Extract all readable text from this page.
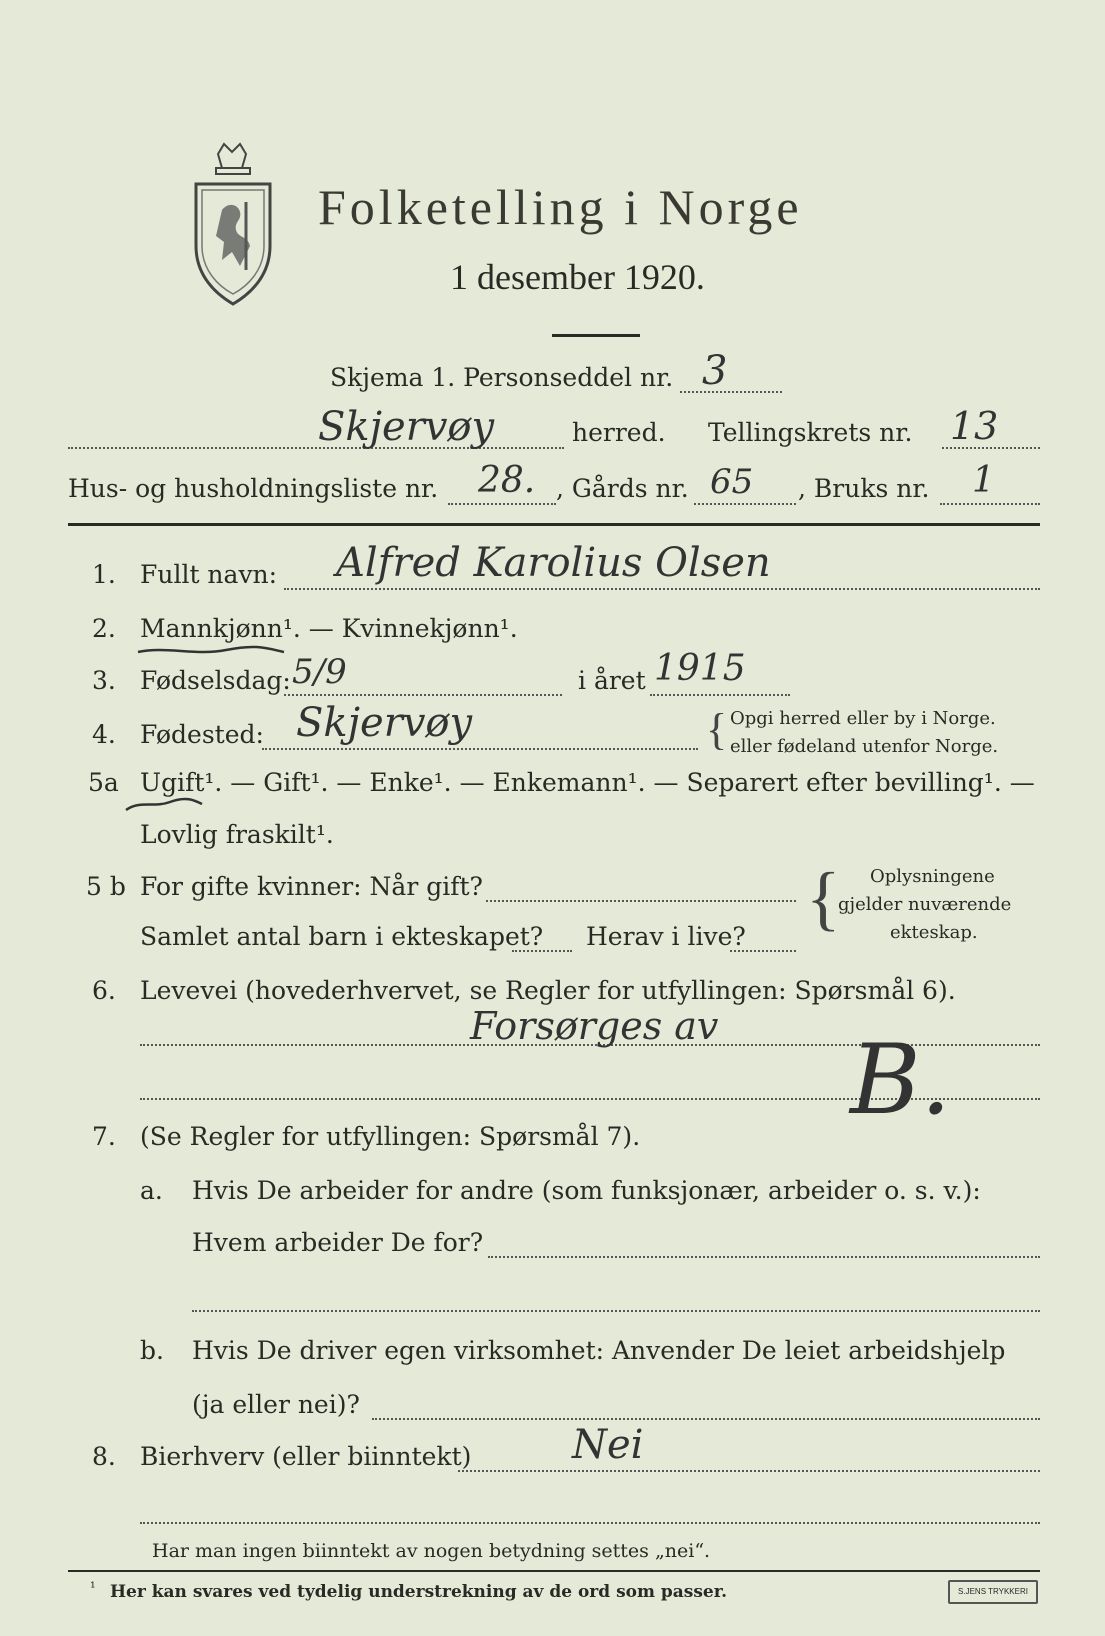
Folketelling i Norge
1 desember 1920.
Skjema 1. Personseddel nr. 3
Skjervøy	herred. Tellingskrets nr. 13
Hus- og husholdningsliste nr. 28. , Gårds nr. 65 , Bruks nr. 1
1. Fullt navn: Alfred Karolius Olsen
2. Mannkjønn¹. — Kvinnekjønn¹.
3. Fødselsdag: 5/9	i året 1915
4. Fødested: Skjervøy	{ Opgi herred eller by i Norge.
eller fødeland utenfor Norge.
5a Ugift¹. — Gift¹. — Enke¹. — Enkemann¹. — Separert efter bevilling¹. —
Lovlig fraskilt¹.
5 b For gifte kvinner: Når gift?
Samlet antal barn i ekteskapet? Herav i live? { Oplysningene
gjelder nuværende
ekteskap.
6. Levevei (hovederhvervet, se Regler for utfyllingen: Spørsmål 6).
Forsørges av B.
7. (Se Regler for utfyllingen: Spørsmål 7).
a. Hvis De arbeider for andre (som funksjonær, arbeider o. s. v.):
Hvem arbeider De for?
b. Hvis De driver egen virksomhet: Anvender De leiet arbeidshjelp
(ja eller nei)?
8. Bierhverv (eller biinntekt)	Nei
Har man ingen biinntekt av nogen betydning settes „nei“.
¹ Her kan svares ved tydelig understrekning av de ord som passer.	S.JENS TRYKKERI
